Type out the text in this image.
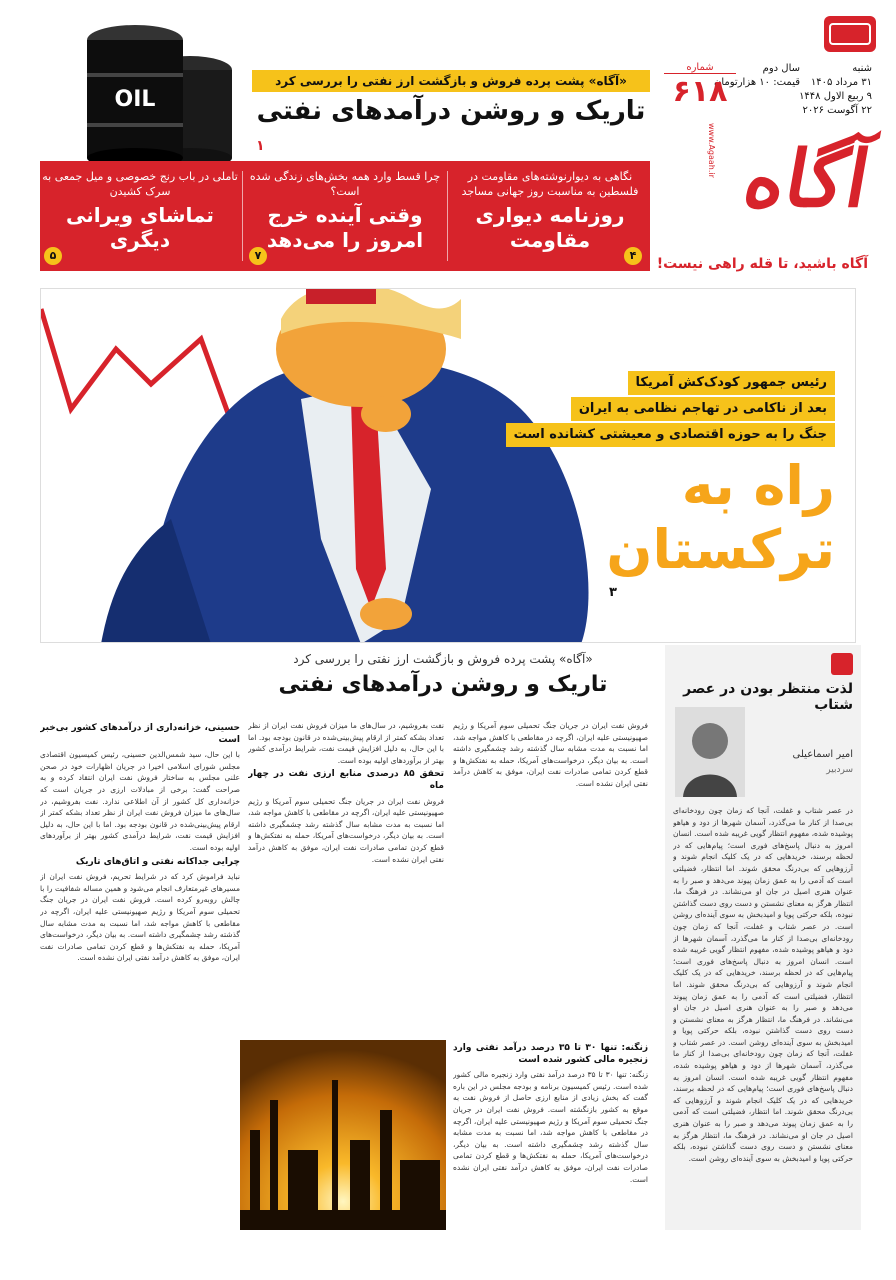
OIL
«آگاه» پشت پرده فروش و بازگشت ارز نفتی را بررسی کرد
تاریک و روشن درآمدهای نفتی
۱
شنبه
۳۱ مرداد ۱۴۰۵
۹ ربیع الاول ۱۴۴۸
۲۲ آگوست ۲۰۲۶
سال دوم
قیمت: ۱۰ هزارتومان
شماره
۶۱۸
www.Agaah.ir آگاه
آگاه باشید، تا قله راهی نیست!
نگاهی به دیوارنوشته‌های مقاومت در فلسطین به مناسبت روز جهانی مساجد
روزنامه دیواری مقاومت
۴
چرا قسط وارد همه بخش‌های زندگی شده است؟
وقتی آینده خرج امروز را می‌دهد
۷
تاملی در باب رنج خصوصی و میل جمعی به سرک کشیدن
تماشای ویرانی دیگری
۵
رئیس جمهور کودک‌کش آمریکا
بعد از ناکامی در تهاجم نظامی به ایران
جنگ را به حوزه اقتصادی و معیشتی کشانده است
راه به ترکستان
۳
«آگاه» پشت پرده فروش و بازگشت ارز نفتی را بررسی کرد
تاریک و روشن درآمدهای نفتی
فروش نفت ایران در جریان جنگ تحمیلی سوم آمریکا و رژیم صهیونیستی علیه ایران، اگرچه در مقاطعی با کاهش مواجه شد، اما نسبت به مدت مشابه سال گذشته رشد چشمگیری داشته است. به بیان دیگر، درخواست‌های آمریکا، حمله به نفتکش‌ها و قطع کردن تمامی صادرات نفت ایران، موفق به کاهش درآمد نفتی ایران نشده است.
نفت بفروشیم، در سال‌های ما میزان فروش نفت ایران از نظر تعداد بشکه کمتر از ارقام پیش‌بینی‌شده در قانون بودجه بود. اما با این حال، به دلیل افزایش قیمت نفت، شرایط درآمدی کشور بهتر از برآوردهای اولیه بوده است.
تحقق ۸۵ درصدی منابع ارزی نفت در چهار ماه
فروش نفت ایران در جریان جنگ تحمیلی سوم آمریکا و رژیم صهیونیستی علیه ایران، اگرچه در مقاطعی با کاهش مواجه شد، اما نسبت به مدت مشابه سال گذشته رشد چشمگیری داشته است. به بیان دیگر، درخواست‌های آمریکا، حمله به نفتکش‌ها و قطع کردن تمامی صادرات نفت ایران، موفق به کاهش درآمد نفتی ایران نشده است.
حسینی، خزانه‌داری از درآمدهای کشور بی‌خبر است
با این حال، سید شمس‌الدین حسینی، رئیس کمیسیون اقتصادی مجلس شورای اسلامی اخیرا در جریان اظهارات خود در صحن علنی مجلس به ساختار فروش نفت ایران انتقاد کرده و به صراحت گفت: برخی از مبادلات ارزی در جریان است که خزانه‌داری کل کشور از آن اطلاعی ندارد. نفت بفروشیم، در سال‌های ما میزان فروش نفت ایران از نظر تعداد بشکه کمتر از ارقام پیش‌بینی‌شده در قانون بودجه بود. اما با این حال، به دلیل افزایش قیمت نفت، شرایط درآمدی کشور بهتر از برآوردهای اولیه بوده است.
چرایی جداکانه نفتی و اتاق‌های تاریک
نباید فراموش کرد که در شرایط تحریم، فروش نفت ایران از مسیرهای غیرمتعارف انجام می‌شود و همین مساله شفافیت را با چالش روبه‌رو کرده است. فروش نفت ایران در جریان جنگ تحمیلی سوم آمریکا و رژیم صهیونیستی علیه ایران، اگرچه در مقاطعی با کاهش مواجه شد، اما نسبت به مدت مشابه سال گذشته رشد چشمگیری داشته است. به بیان دیگر، درخواست‌های آمریکا، حمله به نفتکش‌ها و قطع کردن تمامی صادرات نفت ایران، موفق به کاهش درآمد نفتی ایران نشده است.
زنگنه: تنها ۳۰ تا ۳۵ درصد درآمد نفتی وارد زنجیره مالی کشور شده است
زنگنه: تنها ۳۰ تا ۳۵ درصد درآمد نفتی وارد زنجیره مالی کشور شده است. رئیس کمیسیون برنامه و بودجه مجلس در این باره گفت که بخش زیادی از منابع ارزی حاصل از فروش نفت به موقع به کشور بازنگشته است. فروش نفت ایران در جریان جنگ تحمیلی سوم آمریکا و رژیم صهیونیستی علیه ایران، اگرچه در مقاطعی با کاهش مواجه شد، اما نسبت به مدت مشابه سال گذشته رشد چشمگیری داشته است. به بیان دیگر، درخواست‌های آمریکا، حمله به نفتکش‌ها و قطع کردن تمامی صادرات نفت ایران، موفق به کاهش درآمد نفتی ایران نشده است.
لذت منتظر بودن در عصر شتاب
امیر اسماعیلی
سردبیر
در عصر شتاب و غفلت، آنجا که زمان چون رودخانه‌ای بی‌صدا از کنار ما می‌گذرد، آسمان شهرها از دود و هیاهو پوشیده شده، مفهوم انتظار گویی غریبه شده است. انسان امروز به دنبال پاسخ‌های فوری است؛ پیام‌هایی که در لحظه برسند، خریدهایی که در یک کلیک انجام شوند و آرزوهایی که بی‌درنگ محقق شوند. اما انتظار، فضیلتی است که آدمی را به عمق زمان پیوند می‌دهد و صبر را به عنوان هنری اصیل در جان او می‌نشاند. در فرهنگ ما، انتظار هرگز به معنای نشستن و دست روی دست گذاشتن نبوده، بلکه حرکتی پویا و امیدبخش به سوی آینده‌ای روشن است. در عصر شتاب و غفلت، آنجا که زمان چون رودخانه‌ای بی‌صدا از کنار ما می‌گذرد، آسمان شهرها از دود و هیاهو پوشیده شده، مفهوم انتظار گویی غریبه شده است. انسان امروز به دنبال پاسخ‌های فوری است؛ پیام‌هایی که در لحظه برسند، خریدهایی که در یک کلیک انجام شوند و آرزوهایی که بی‌درنگ محقق شوند. اما انتظار، فضیلتی است که آدمی را به عمق زمان پیوند می‌دهد و صبر را به عنوان هنری اصیل در جان او می‌نشاند. در فرهنگ ما، انتظار هرگز به معنای نشستن و دست روی دست گذاشتن نبوده، بلکه حرکتی پویا و امیدبخش به سوی آینده‌ای روشن است. در عصر شتاب و غفلت، آنجا که زمان چون رودخانه‌ای بی‌صدا از کنار ما می‌گذرد، آسمان شهرها از دود و هیاهو پوشیده شده، مفهوم انتظار گویی غریبه شده است. انسان امروز به دنبال پاسخ‌های فوری است؛ پیام‌هایی که در لحظه برسند، خریدهایی که در یک کلیک انجام شوند و آرزوهایی که بی‌درنگ محقق شوند. اما انتظار، فضیلتی است که آدمی را به عمق زمان پیوند می‌دهد و صبر را به عنوان هنری اصیل در جان او می‌نشاند. در فرهنگ ما، انتظار هرگز به معنای نشستن و دست روی دست گذاشتن نبوده، بلکه حرکتی پویا و امیدبخش به سوی آینده‌ای روشن است.
